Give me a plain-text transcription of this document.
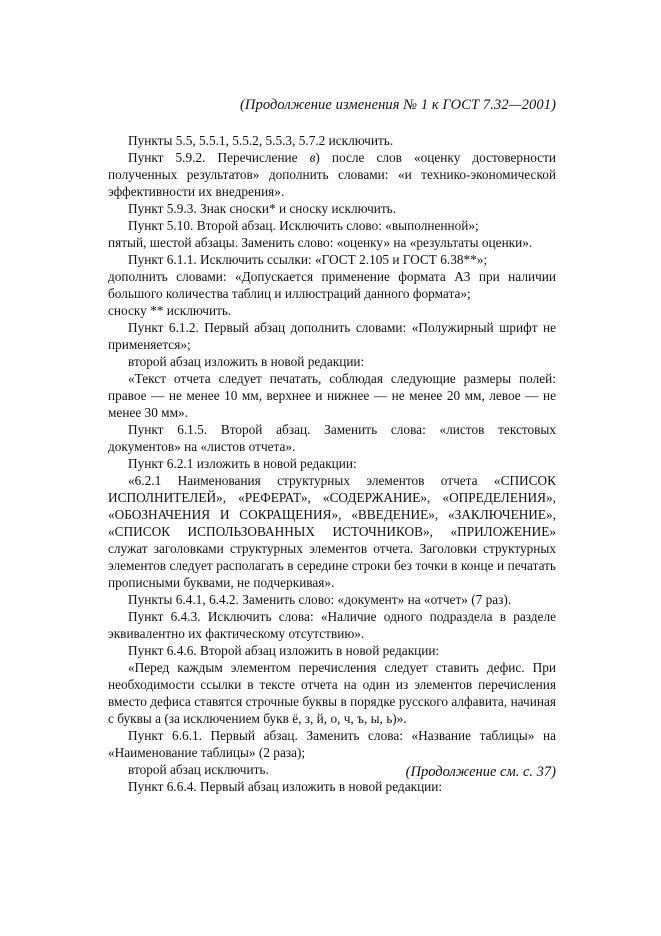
(Продолжение изменения № 1 к ГОСТ 7.32—2001)

Пункты 5.5, 5.5.1, 5.5.2, 5.5.3, 5.7.2 исключить.

Пункт 5.9.2. Перечисление в) после слов «оценку достоверности полученных результатов» дополнить словами: «и технико-экономической эффективности их внедрения».

Пункт 5.9.3. Знак сноски* и сноску исключить.

Пункт 5.10. Второй абзац. Исключить слово: «выполненной»;

пятый, шестой абзацы. Заменить слово: «оценку» на «результаты оценки».

Пункт 6.1.1. Исключить ссылки: «ГОСТ 2.105 и ГОСТ 6.38**»;

дополнить словами: «Допускается применение формата А3 при наличии большого количества таблиц и иллюстраций данного формата»;

сноску ** исключить.

Пункт 6.1.2. Первый абзац дополнить словами: «Полужирный шрифт не применяется»;

второй абзац изложить в новой редакции:

«Текст отчета следует печатать, соблюдая следующие размеры полей: правое — не менее 10 мм, верхнее и нижнее — не менее 20 мм, левое — не менее 30 мм».

Пункт 6.1.5. Второй абзац. Заменить слова: «листов текстовых документов» на «листов отчета».

Пункт 6.2.1 изложить в новой редакции:

«6.2.1 Наименования структурных элементов отчета «СПИСОК ИСПОЛНИТЕЛЕЙ», «РЕФЕРАТ», «СОДЕРЖАНИЕ», «ОПРЕДЕЛЕНИЯ», «ОБОЗНАЧЕНИЯ И СОКРАЩЕНИЯ», «ВВЕДЕНИЕ», «ЗАКЛЮЧЕНИЕ», «СПИСОК ИСПОЛЬЗОВАННЫХ ИСТОЧНИКОВ», «ПРИЛОЖЕНИЕ» служат заголовками структурных элементов отчета. Заголовки структурных элементов следует располагать в середине строки без точки в конце и печатать прописными буквами, не подчеркивая».

Пункты 6.4.1, 6.4.2. Заменить слово: «документ» на «отчет» (7 раз).

Пункт 6.4.3. Исключить слова: «Наличие одного подраздела в разделе эквивалентно их фактическому отсутствию».

Пункт 6.4.6. Второй абзац изложить в новой редакции:

«Перед каждым элементом перечисления следует ставить дефис. При необходимости ссылки в тексте отчета на один из элементов перечисления вместо дефиса ставятся строчные буквы в порядке русского алфавита, начиная с буквы а (за исключением букв ё, з, й, о, ч, ъ, ы, ь)».

Пункт 6.6.1. Первый абзац. Заменить слова: «Название таблицы» на «Наименование таблицы» (2 раза);

второй абзац исключить.

Пункт 6.6.4. Первый абзац изложить в новой редакции:

(Продолжение см. с. 37)
